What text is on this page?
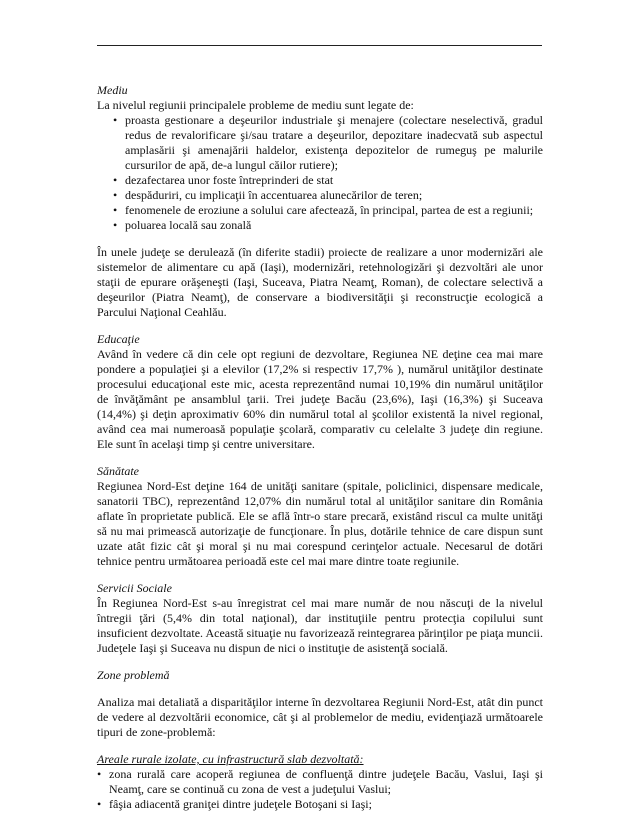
Mediu

La nivelul regiunii principalele probleme de mediu sunt legate de:

• proasta gestionare a deşeurilor industriale şi menajere (colectare neselectivă, gradul redus de revalorificare şi/sau tratare a deşeurilor, depozitare inadecvată sub aspectul amplasării şi amenajării haldelor, existenţa depozitelor de rumeguş pe malurile cursurilor de apă, de-a lungul căilor rutiere);
• dezafectarea unor foste întreprinderi de stat
• despăduriri, cu implicaţii în accentuarea alunecărilor de teren;
• fenomenele de eroziune a solului care afectează, în principal, partea de est a regiunii;
• poluarea locală sau zonală

În unele judeţe se derulează (în diferite stadii) proiecte de realizare a unor modernizări ale sistemelor de alimentare cu apă (Iaşi), modernizări, retehnologizări şi dezvoltări ale unor staţii de epurare orăşeneşti (Iaşi, Suceava, Piatra Neamţ, Roman), de colectare selectivă a deşeurilor (Piatra Neamţ), de conservare a biodiversităţii şi reconstrucţie ecologică a Parcului Naţional Ceahlău.

Educaţie

Având în vedere că din cele opt regiuni de dezvoltare, Regiunea NE deţine cea mai mare pondere a populaţiei şi a elevilor (17,2% si respectiv 17,7% ), numărul unităţilor destinate procesului educaţional este mic, acesta reprezentând numai 10,19% din numărul unităţilor de învăţământ pe ansamblul ţarii. Trei judeţe Bacău (23,6%), Iaşi (16,3%) şi Suceava (14,4%) şi deţin aproximativ 60% din numărul total al şcolilor existentă la nivel regional, având cea mai numeroasă populaţie şcolară, comparativ cu celelalte 3 judeţe din regiune. Ele sunt în acelaşi timp şi centre universitare.

Sănătate

Regiunea Nord-Est deţine 164 de unităţi sanitare (spitale, policlinici, dispensare medicale, sanatorii TBC), reprezentând 12,07% din numărul total al unităţilor sanitare din România aflate în proprietate publică. Ele se află într-o stare precară, existând riscul ca multe unităţi să nu mai primească autorizaţie de funcţionare. În plus, dotările tehnice de care dispun sunt uzate atât fizic cât şi moral şi nu mai corespund cerinţelor actuale. Necesarul de dotări tehnice pentru următoarea perioadă este cel mai mare dintre toate regiunile.

Servicii Sociale

În Regiunea Nord-Est s-au înregistrat cel mai mare număr de nou născuţi de la nivelul întregii ţări (5,4% din total naţional), dar instituţiile pentru protecţia copilului sunt insuficient dezvoltate. Această situaţie nu favorizează reintegrarea părinţilor pe piaţa muncii. Judeţele Iaşi şi Suceava nu dispun de nici o instituţie de asistenţă socială.

Zone problemă

Analiza mai detaliată a disparităţilor interne în dezvoltarea Regiunii Nord-Est, atât din punct de vedere al dezvoltării economice, cât şi al problemelor de mediu, evidenţiază următoarele tipuri de zone-problemă:

Areale rurale izolate, cu infrastructură slab dezvoltată:

• zona rurală care acoperă regiunea de confluenţă dintre judeţele Bacău, Vaslui, Iaşi şi Neamţ, care se continuă cu zona de vest a judeţului Vaslui;
• fâşia adiacentă graniţei dintre judeţele Botoşani si Iaşi;
